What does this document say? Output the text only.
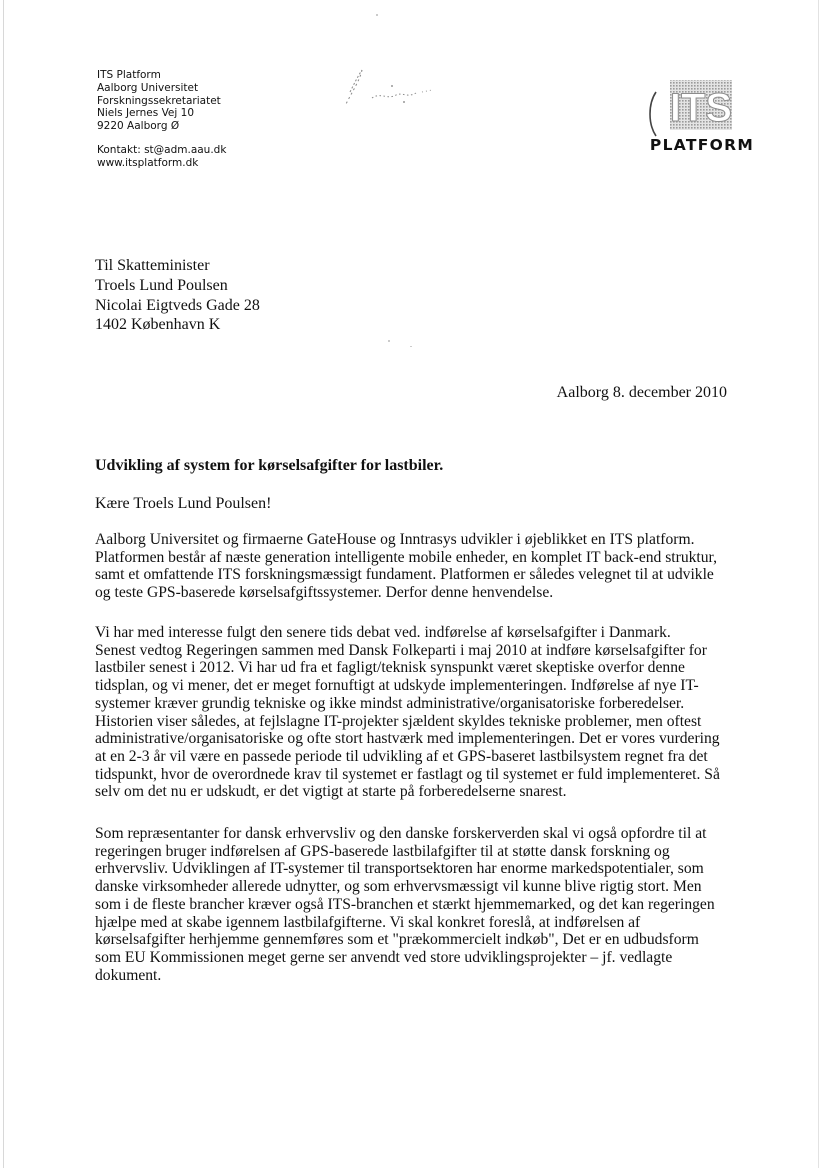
ITS Platform
Aalborg Universitet
Forskningssekretariatet
Niels Jernes Vej 10
9220 Aalborg Ø
Kontakt: st@adm.aau.dk
www.itsplatform.dk
ITS
PLATFORM
Til Skatteminister
Troels Lund Poulsen
Nicolai Eigtveds Gade 28
1402 København K
Aalborg 8. december 2010
Udvikling af system for kørselsafgifter for lastbiler.
Kære Troels Lund Poulsen!
Aalborg Universitet og firmaerne GateHouse og Inntrasys udvikler i øjeblikket en ITS platform.
Platformen består af næste generation intelligente mobile enheder, en komplet IT back-end struktur,
samt et omfattende ITS forskningsmæssigt fundament. Platformen er således velegnet til at udvikle
og teste GPS-baserede kørselsafgiftssystemer. Derfor denne henvendelse.
Vi har med interesse fulgt den senere tids debat ved. indførelse af kørselsafgifter i Danmark.
Senest vedtog Regeringen sammen med Dansk Folkeparti i maj 2010 at indføre kørselsafgifter for
lastbiler senest i 2012. Vi har ud fra et fagligt/teknisk synspunkt været skeptiske overfor denne
tidsplan, og vi mener, det er meget fornuftigt at udskyde implementeringen. Indførelse af nye IT-
systemer kræver grundig tekniske og ikke mindst administrative/organisatoriske forberedelser.
Historien viser således, at fejlslagne IT-projekter sjældent skyldes tekniske problemer, men oftest
administrative/organisatoriske og ofte stort hastværk med implementeringen. Det er vores vurdering
at en 2-3 år vil være en passede periode til udvikling af et GPS-baseret lastbilsystem regnet fra det
tidspunkt, hvor de overordnede krav til systemet er fastlagt og til systemet er fuld implementeret. Så
selv om det nu er udskudt, er det vigtigt at starte på forberedelserne snarest.
Som repræsentanter for dansk erhvervsliv og den danske forskerverden skal vi også opfordre til at
regeringen bruger indførelsen af GPS-baserede lastbilafgifter til at støtte dansk forskning og
erhvervsliv. Udviklingen af IT-systemer til transportsektoren har enorme markedspotentialer, som
danske virksomheder allerede udnytter, og som erhvervsmæssigt vil kunne blive rigtig stort. Men
som i de fleste brancher kræver også ITS-branchen et stærkt hjemmemarked, og det kan regeringen
hjælpe med at skabe igennem lastbilafgifterne. Vi skal konkret foreslå, at indførelsen af
kørselsafgifter herhjemme gennemføres som et "prækommercielt indkøb", Det er en udbudsform
som EU Kommissionen meget gerne ser anvendt ved store udviklingsprojekter – jf. vedlagte
dokument.
